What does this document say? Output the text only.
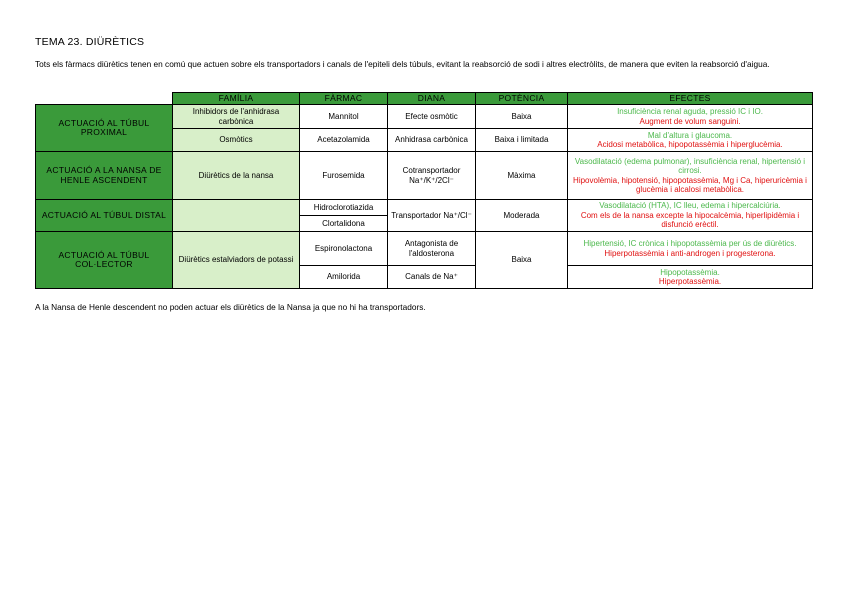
TEMA 23. DIÜRÈTICS
Tots els fàrmacs diürètics tenen en comú que actuen sobre els transportadors i canals de l'epiteli dels túbuls, evitant la reabsorció de sodi i altres electròlits, de manera que eviten la reabsorció d'aigua.
	FAMÍLIA	FÀRMAC	DIANA	POTÈNCIA	EFECTES
ACTUACIÓ AL TÚBUL PROXIMAL	Inhibidors de l'anhidrasa carbònica	Mannitol	Efecte osmòtic	Baixa	Insuficiència renal aguda, pressió IC i IO.
Augment de volum sanguini.

	Osmòtics	Acetazolamida	Anhidrasa carbònica	Baixa i limitada	Mal d'altura i glaucoma.
Acidosi metabòlica, hipopotassèmia i hiperglucèmia.

ACTUACIÓ A LA NANSA DE HENLE ASCENDENT	Diürètics de la nansa	Furosemida	Cotransportador Na⁺/K⁺/2Cl⁻	Màxima	Vasodilatació (edema pulmonar), insuficiència renal, hipertensió i cirrosi.
Hipovolèmia, hipotensió, hipopotassèmia, Mg i Ca, hiperuricèmia i glucèmia i alcalosi metabòlica.

ACTUACIÓ AL TÚBUL DISTAL		Hidroclorotiazida	Transportador Na⁺/Cl⁻	Moderada	Vasodilatació (HTA), IC lleu, edema i hipercalciúria.
Com els de la nansa excepte la hipocalcèmia, hiperlipidèmia i disfunció erèctil.

		Clortalidona			
ACTUACIÓ AL TÚBUL COL·LECTOR	Diürètics estalviadors de potassi	Espironolactona	Antagonista de l'aldosterona	Baixa	Hipertensió, IC crònica i hipopotassèmia per ús de diürètics.
Hiperpotassèmia i anti-androgen i progesterona.

		Amilorida	Canals de Na⁺		Hipopotassèmia.
Hiperpotassèmia.
A la Nansa de Henle descendent no poden actuar els diürètics de la Nansa ja que no hi ha transportadors.
